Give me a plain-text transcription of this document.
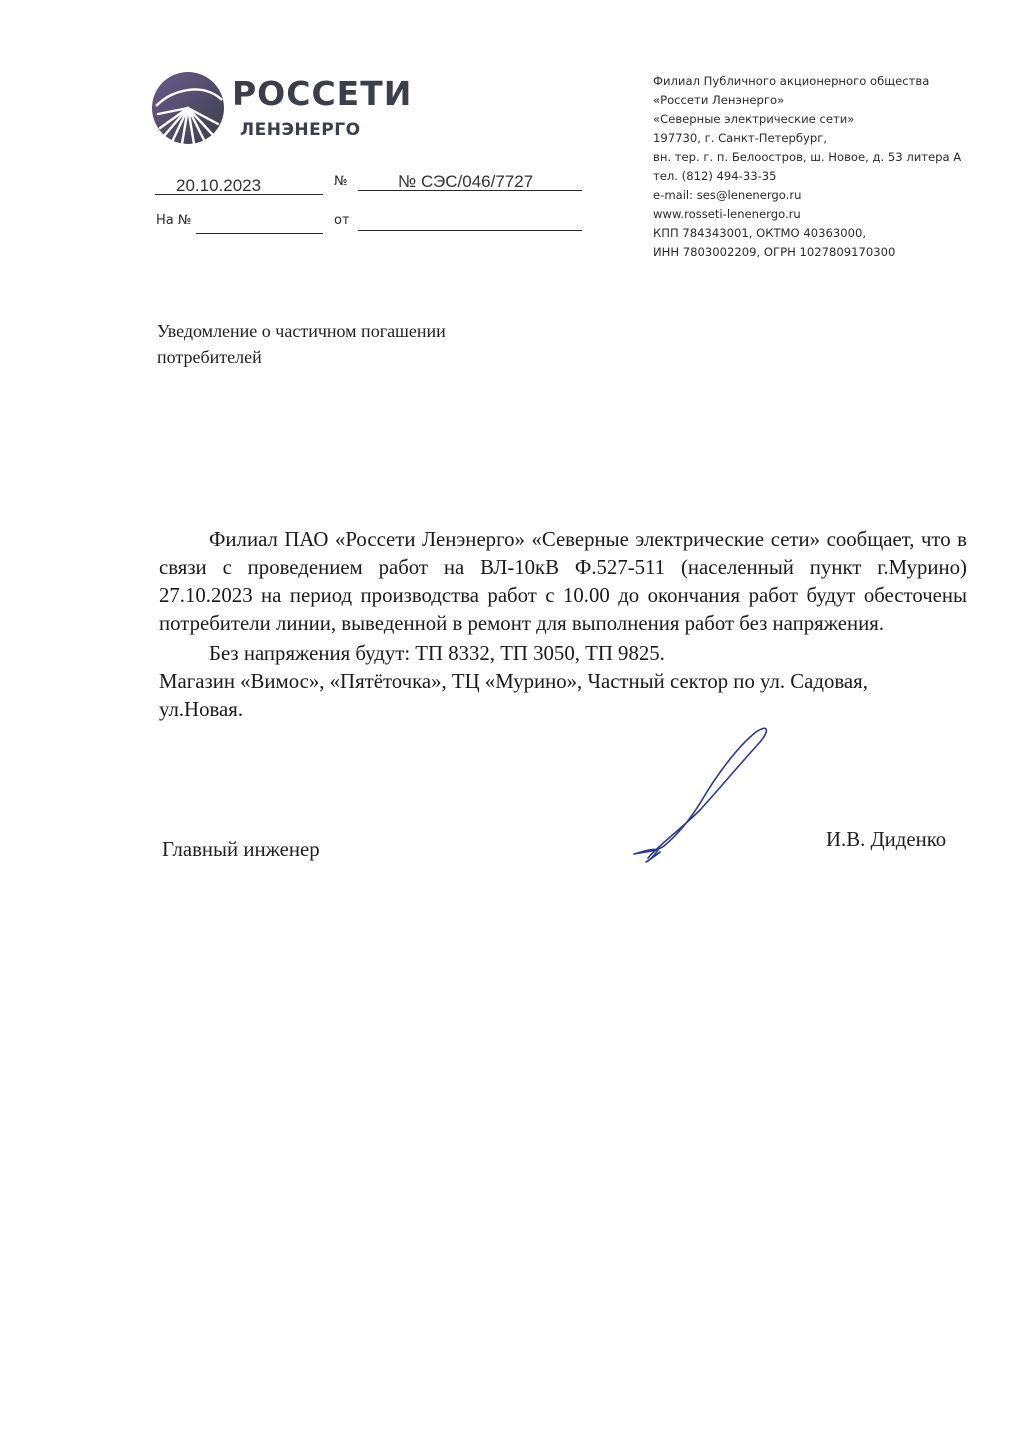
РОССЕТИ
ЛЕНЭНЕРГО
Филиал Публичного акционерного общества
«Россети Ленэнерго»
«Северные электрические сети»
197730, г. Санкт-Петербург,
вн. тер. г. п. Белоостров, ш. Новое, д. 53 литера А
тел. (812) 494-33-35
e-mail: ses@lenenergo.ru
www.rosseti-lenenergo.ru
КПП 784343001, ОКТМО 40363000,
ИНН 7803002209, ОГРН 1027809170300
20.10.2023	№	№ СЭС/046/7727
На №	от
Уведомление о частичном погашении
потребителей

Филиал ПАО «Россети Ленэнерго» «Северные электрические сети» сообщает, что в связи с проведением работ на ВЛ-10кВ Ф.527-511 (населенный пункт г.Мурино) 27.10.2023 на период производства работ с 10.00 до окончания работ будут обесточены потребители линии, выведенной в ремонт для выполнения работ без напряжения.

Без напряжения будут: ТП 8332, ТП 3050, ТП 9825.

Магазин «Вимос», «Пятёточка», ТЦ «Мурино», Частный сектор по ул. Садовая, ул.Новая.

Главный инженер	И.В. Диденко
